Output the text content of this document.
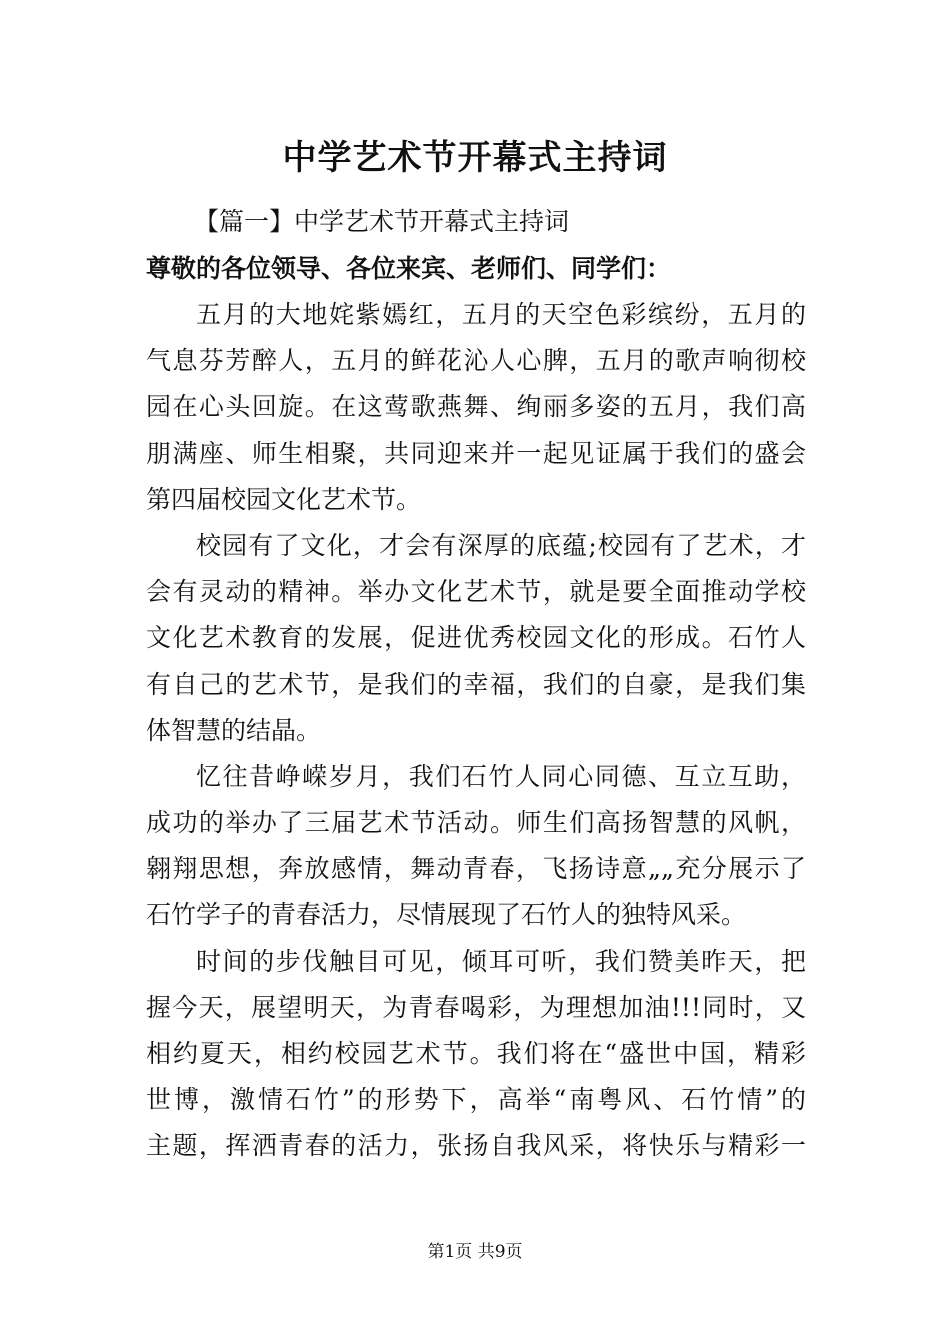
中学艺术节开幕式主持词

【篇一】中学艺术节开幕式主持词

尊敬的各位领导、各位来宾、老师们、同学们：

五月的大地姹紫嫣红，五月的天空色彩缤纷，五月的
气息芬芳醉人，五月的鲜花沁人心脾，五月的歌声响彻校
园在心头回旋。在这莺歌燕舞、绚丽多姿的五月，我们高
朋满座、师生相聚，共同迎来并一起见证属于我们的盛会
第四届校园文化艺术节。
校园有了文化，才会有深厚的底蕴;校园有了艺术，才
会有灵动的精神。举办文化艺术节，就是要全面推动学校
文化艺术教育的发展，促进优秀校园文化的形成。石竹人
有自己的艺术节，是我们的幸福，我们的自豪，是我们集
体智慧的结晶。
忆往昔峥嵘岁月，我们石竹人同心同德、互立互助，
成功的举办了三届艺术节活动。师生们高扬智慧的风帆，
翱翔思想，奔放感情，舞动青春，飞扬诗意„„充分展示了
石竹学子的青春活力，尽情展现了石竹人的独特风采。
时间的步伐触目可见，倾耳可听，我们赞美昨天，把
握今天，展望明天，为青春喝彩，为理想加油!!!同时，又
相约夏天，相约校园艺术节。我们将在“盛世中国，精彩
世博，激情石竹”的形势下，高举“南粤风、石竹情”的
主题，挥洒青春的活力，张扬自我风采，将快乐与精彩一

第1页 共9页
